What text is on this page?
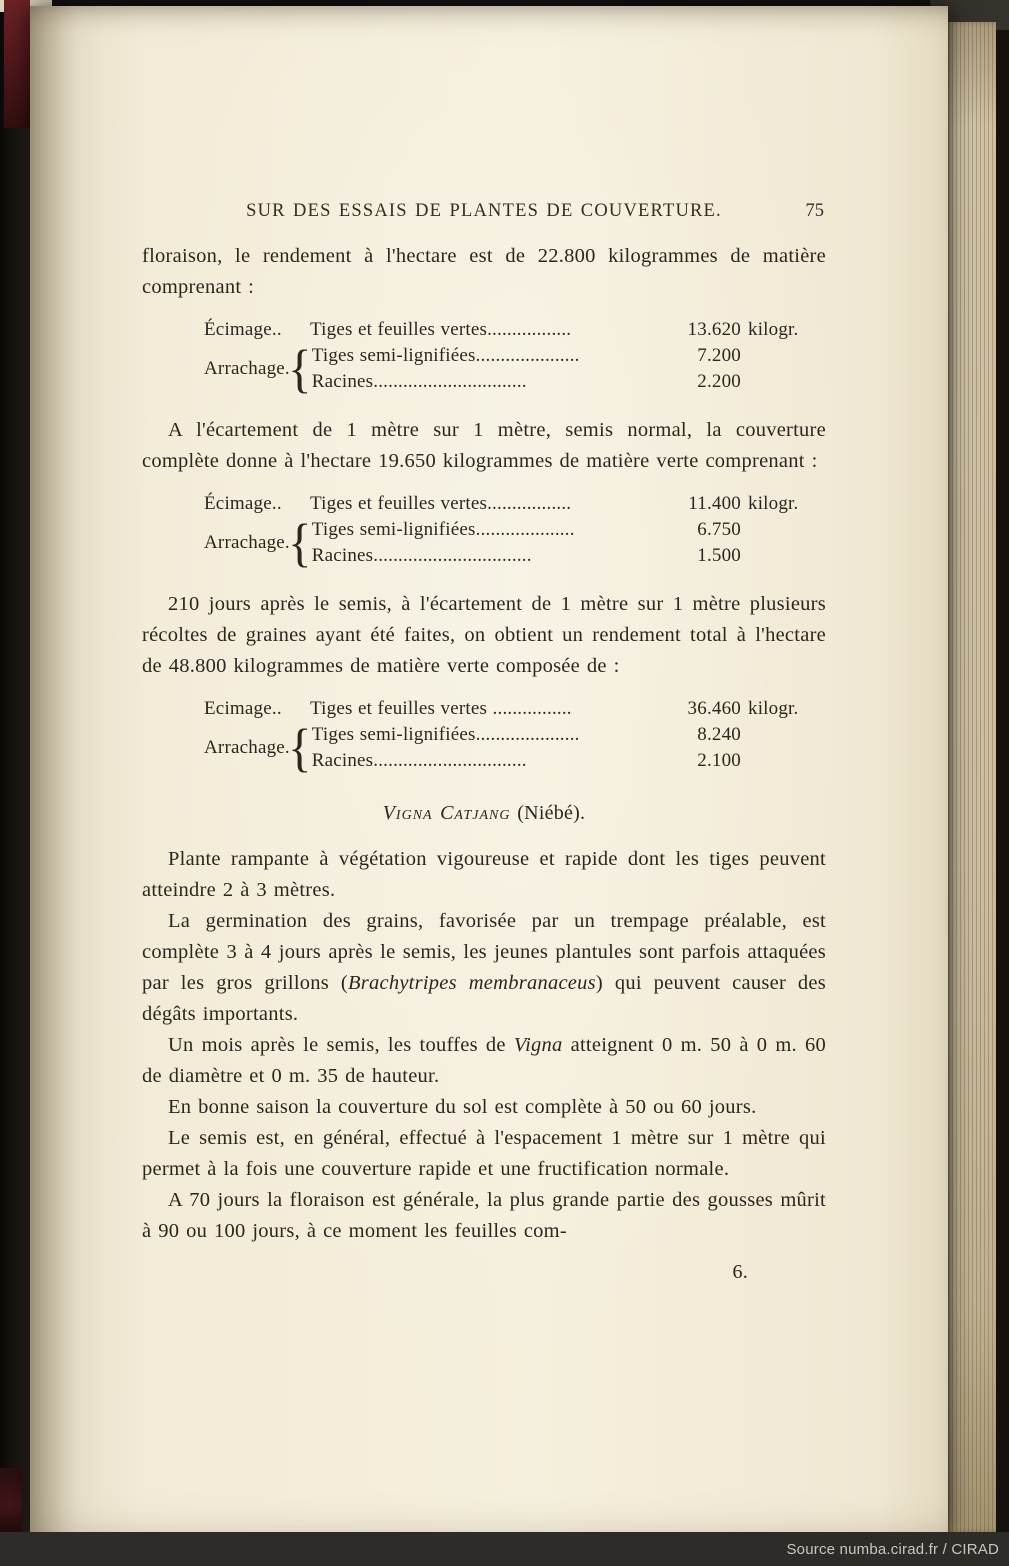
SUR DES ESSAIS DE PLANTES DE COUVERTURE.	75

floraison, le rendement à l'hectare est de 22.800 kilogrammes de matière comprenant :

Écimage..	Tiges et feuilles vertes.................	13.620 kilogr.
Arrachage.
{ Tiges semi-lignifiées.....................	7.200
Racines...............................	2.200

A l'écartement de 1 mètre sur 1 mètre, semis normal, la couverture complète donne à l'hectare 19.650 kilogrammes de matière verte comprenant :

Écimage..	Tiges et feuilles vertes.................	11.400 kilogr.
Arrachage.
{ Tiges semi-lignifiées....................	6.750
Racines................................	1.500

210 jours après le semis, à l'écartement de 1 mètre sur 1 mètre plusieurs récoltes de graines ayant été faites, on obtient un rendement total à l'hectare de 48.800 kilogrammes de matière verte composée de :

Ecimage..	Tiges et feuilles vertes ................	36.460 kilogr.
Arrachage.
{ Tiges semi-lignifiées.....................	8.240
Racines...............................	2.100
Vigna Catjang (Niébé).

Plante rampante à végétation vigoureuse et rapide dont les tiges peuvent atteindre 2 à 3 mètres.

La germination des grains, favorisée par un trempage préalable, est complète 3 à 4 jours après le semis, les jeunes plantules sont parfois attaquées par les gros grillons (Brachytripes membranaceus) qui peuvent causer des dégâts importants.

Un mois après le semis, les touffes de Vigna atteignent 0 m. 50 à 0 m. 60 de diamètre et 0 m. 35 de hauteur.

En bonne saison la couverture du sol est complète à 50 ou 60 jours.

Le semis est, en général, effectué à l'espacement 1 mètre sur 1 mètre qui permet à la fois une couverture rapide et une fructification normale.

A 70 jours la floraison est générale, la plus grande partie des gousses mûrit à 90 ou 100 jours, à ce moment les feuilles com-

6.
Source numba.cirad.fr / CIRAD
